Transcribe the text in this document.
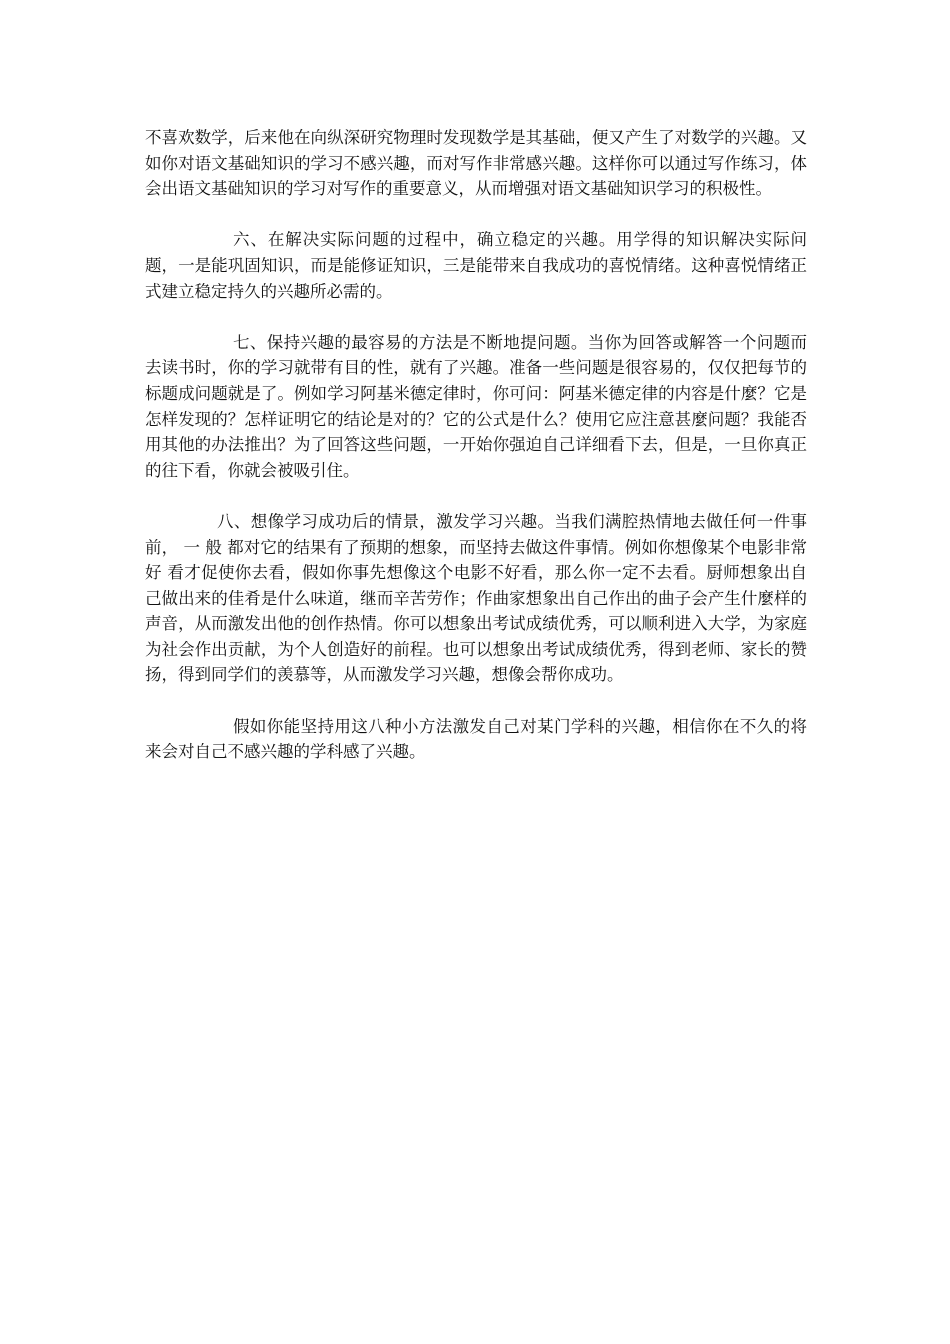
不喜欢数学，后来他在向纵深研究物理时发现数学是其基础，便又产生了对数学的兴趣。又如你对语文基础知识的学习不感兴趣，而对写作非常感兴趣。这样你可以通过写作练习，体会出语文基础知识的学习对写作的重要意义，从而增强对语文基础知识学习的积极性。

六、在解决实际问题的过程中，确立稳定的兴趣。用学得的知识解决实际问题，一是能巩固知识，而是能修证知识，三是能带来自我成功的喜悦情绪。这种喜悦情绪正式建立稳定持久的兴趣所必需的。

七、保持兴趣的最容易的方法是不断地提问题。当你为回答或解答一个问题而去读书时，你的学习就带有目的性，就有了兴趣。准备一些问题是很容易的，仅仅把每节的标题成问题就是了。例如学习阿基米德定律时，你可问：阿基米德定律的内容是什麼？它是怎样发现的？怎样证明它的结论是对的？它的公式是什么？使用它应注意甚麼问题？我能否用其他的办法推出？为了回答这些问题，一开始你强迫自己详细看下去，但是，一旦你真正的往下看，你就会被吸引住。

八、想像学习成功后的情景，激发学习兴趣。当我们满腔热情地去做任何一件事前， 一 般 都对它的结果有了预期的想象，而坚持去做这件事情。例如你想像某个电影非常好 看才促使你去看，假如你事先想像这个电影不好看，那么你一定不去看。厨师想象出自己做出来的佳肴是什么味道，继而辛苦劳作；作曲家想象出自己作出的曲子会产生什麼样的声音，从而激发出他的创作热情。你可以想象出考试成绩优秀，可以顺利进入大学，为家庭为社会作出贡献，为个人创造好的前程。也可以想象出考试成绩优秀，得到老师、家长的赞扬，得到同学们的羡慕等，从而激发学习兴趣，想像会帮你成功。

假如你能坚持用这八种小方法激发自己对某门学科的兴趣，相信你在不久的将来会对自己不感兴趣的学科感了兴趣。
